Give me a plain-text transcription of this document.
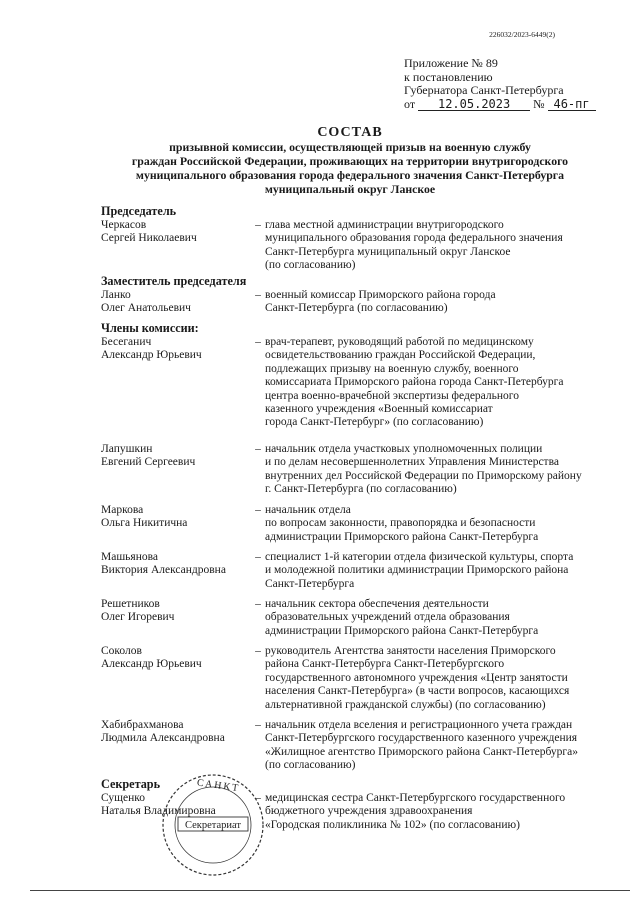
226032/2023-6449(2)
Приложение № 89
к постановлению
Губернатора Санкт-Петербурга
от 12.05.2023 № 46-пг
СОСТАВ
призывной комиссии, осуществляющей призыв на военную службу
граждан Российской Федерации, проживающих на территории внутригородского
муниципального образования города федерального значения Санкт-Петербурга
муниципальный округ Ланское
Председатель
Черкасов
Сергей Николаевич
– глава местной администрации внутригородского
муниципального образования города федерального значения
Санкт-Петербурга муниципальный округ Ланское
(по согласованию)
Заместитель председателя
Ланко
Олег Анатольевич
– военный комиссар Приморского района города
Санкт-Петербурга (по согласованию)
Члены комиссии:
Бесеганич
Александр Юрьевич
– врач-терапевт, руководящий работой по медицинскому
освидетельствованию граждан Российской Федерации,
подлежащих призыву на военную службу, военного
комиссариата Приморского района города Санкт-Петербурга
центра военно-врачебной экспертизы федерального
казенного учреждения «Военный комиссариат
города Санкт-Петербург» (по согласованию)
Лапушкин
Евгений Сергеевич
– начальник отдела участковых уполномоченных полиции
и по делам несовершеннолетних Управления Министерства
внутренних дел Российской Федерации по Приморскому району
г. Санкт-Петербурга (по согласованию)
Маркова
Ольга Никитична
– начальник отдела
по вопросам законности, правопорядка и безопасности
администрации Приморского района Санкт-Петербурга
Машьянова
Виктория Александровна
– специалист 1-й категории отдела физической культуры, спорта
и молодежной политики администрации Приморского района
Санкт-Петербурга
Решетников
Олег Игоревич
– начальник сектора обеспечения деятельности
образовательных учреждений отдела образования
администрации Приморского района Санкт-Петербурга
Соколов
Александр Юрьевич
– руководитель Агентства занятости населения Приморского
района Санкт-Петербурга Санкт-Петербургского
государственного автономного учреждения «Центр занятости
населения Санкт-Петербурга» (в части вопросов, касающихся
альтернативной гражданской службы) (по согласованию)
Хабибрахманова
Людмила Александровна
– начальник отдела вселения и регистрационного учета граждан
Санкт-Петербургского государственного казенного учреждения
«Жилищное агентство Приморского района Санкт-Петербурга»
(по согласованию)
Секретарь
Сущенко
Наталья Владимировна
– медицинская сестра Санкт-Петербургского государственного
бюджетного учреждения здравоохранения
«Городская поликлиника № 102» (по согласованию)
Секретариат
САНКТ
